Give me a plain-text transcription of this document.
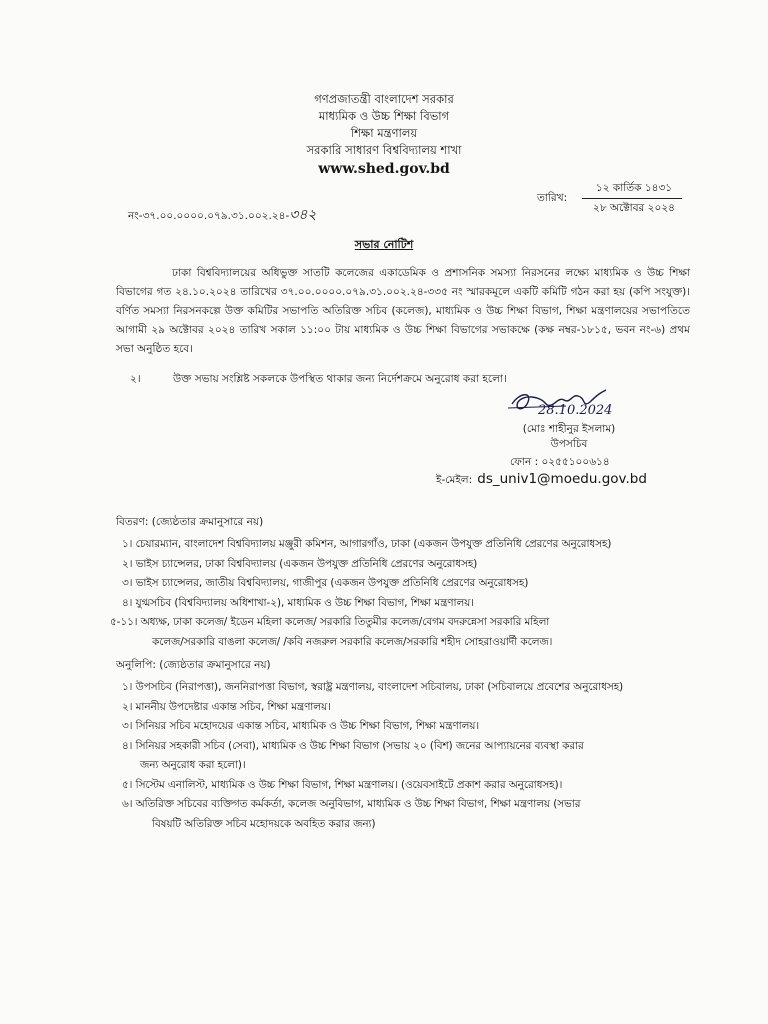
গণপ্রজাতন্ত্রী বাংলাদেশ সরকার
মাধ্যমিক ও উচ্চ শিক্ষা বিভাগ
শিক্ষা মন্ত্রণালয়
সরকারি সাধারণ বিশ্ববিদ্যালয় শাখা
www.shed.gov.bd
নং-৩৭.০০.০০০০.০৭৯.৩১.০০২.২৪-৩৪২
তারিখ:
১২ কার্তিক ১৪৩১
২৮ অক্টোবর ২০২৪
সভার নোটিশ
ঢাকা বিশ্ববিদ্যালয়ের অধিভুক্ত সাতটি কলেজের একাডেমিক ও প্রশাসনিক সমস্যা নিরসনের লক্ষ্যে মাধ্যমিক ও উচ্চ শিক্ষা বিভাগের গত ২৪.১০.২০২৪ তারিখের ৩৭.০০.০০০০.০৭৯.৩১.০০২.২৪-৩৩৫ নং স্মারকমূলে একটি কমিটি গঠন করা হয় (কপি সংযুক্ত)। বর্ণিত সমস্যা নিরসনকল্পে উক্ত কমিটির সভাপতি অতিরিক্ত সচিব (কলেজ), মাধ্যমিক ও উচ্চ শিক্ষা বিভাগ, শিক্ষা মন্ত্রণালয়ের সভাপতিতে আগামী ২৯ অক্টোবর ২০২৪ তারিখ সকাল ১১:০০ টায় মাধ্যমিক ও উচ্চ শিক্ষা বিভাগের সভাকক্ষে (কক্ষ নম্বর-১৮১৫, ভবন নং-৬) প্রথম সভা অনুষ্ঠিত হবে।
২।	উক্ত সভায় সংশ্লিষ্ট সকলকে উপস্থিত থাকার জন্য নির্দেশক্রমে অনুরোধ করা হলো।
28.10.2024
(মোঃ শাহীনুর ইসলাম)
উপসচিব
ফোন : ০২৫৫১০০৬১৪
ই-মেইল: ds_univ1@moedu.gov.bd
বিতরণ: (জ্যেষ্ঠতার ক্রমানুসারে নয়)
১। চেয়ারম্যান, বাংলাদেশ বিশ্ববিদ্যালয় মঞ্জুরী কমিশন, আগারগাঁও, ঢাকা (একজন উপযুক্ত প্রতিনিধি প্রেরণের অনুরোধসহ)
২। ভাইস চ্যান্সেলর, ঢাকা বিশ্ববিদ্যালয় (একজন উপযুক্ত প্রতিনিধি প্রেরণের অনুরোধসহ)
৩। ভাইস চ্যান্সেলর, জাতীয় বিশ্ববিদ্যালয়, গাজীপুর (একজন উপযুক্ত প্রতিনিধি প্রেরণের অনুরোধসহ)
৪। যুগ্মসচিব (বিশ্ববিদ্যালয় অধিশাখা-২), মাধ্যমিক ও উচ্চ শিক্ষা বিভাগ, শিক্ষা মন্ত্রণালয়।
৫-১১। অধ্যক্ষ, ঢাকা কলেজ/ ইডেন মহিলা কলেজ/ সরকারি তিতুমীর কলেজ/বেগম বদরুন্নেসা সরকারি মহিলা
কলেজ/সরকারি বাঙলা কলেজ/ /কবি নজরুল সরকারি কলেজ/সরকারি শহীদ সোহরাওয়ার্দী কলেজ।
অনুলিপি: (জ্যেষ্ঠতার ক্রমানুসারে নয়)
১। উপসচিব (নিরাপত্তা), জননিরাপত্তা বিভাগ, স্বরাষ্ট্র মন্ত্রণালয়, বাংলাদেশ সচিবালয়, ঢাকা (সচিবালয়ে প্রবেশের অনুরোধসহ)
২। মাননীয় উপদেষ্টার একান্ত সচিব, শিক্ষা মন্ত্রণালয়।
৩। সিনিয়র সচিব মহোদয়ের একান্ত সচিব, মাধ্যমিক ও উচ্চ শিক্ষা বিভাগ, শিক্ষা মন্ত্রণালয়।
৪। সিনিয়র সহকারী সচিব (সেবা), মাধ্যমিক ও উচ্চ শিক্ষা বিভাগ (সভায় ২০ (বিশ) জনের আপ্যায়নের ব্যবস্থা করার
জন্য অনুরোধ করা হলো)।
৫। সিস্টেম এনালিস্ট, মাধ্যমিক ও উচ্চ শিক্ষা বিভাগ, শিক্ষা মন্ত্রণালয়। (ওয়েবসাইটে প্রকাশ করার অনুরোধসহ)।
৬। অতিরিক্ত সচিবের ব্যক্তিগত কর্মকর্তা, কলেজ অনুবিভাগ, মাধ্যমিক ও উচ্চ শিক্ষা বিভাগ, শিক্ষা মন্ত্রণালয় (সভার
বিষয়টি অতিরিক্ত সচিব মহোদয়কে অবহিত করার জন্য)
